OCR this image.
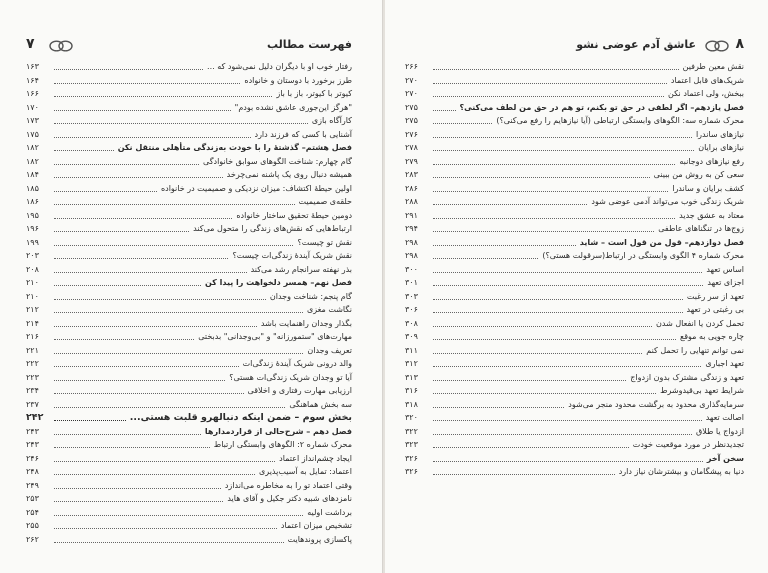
فهرست مطالب
۷
۱۶۳	رفتار خوب او با دیگران دلیل نمی‌شود که ...
۱۶۴	طرز برخورد با دوستان و خانواده
۱۶۶	کیوتر با کیوتر، باز با باز
۱۷۰	"هرگز این‌جوری عاشق نشده بودم"
۱۷۳	کارآگاه بازی
۱۷۵	آشنایی با کسی که فرزند دارد
۱۸۲	فصل هشتم– گذشتهٔ را با خودت به‌زندگی متأهلی منتقل نکن
۱۸۲	گام چهارم: شناخت الگوهای سوابق خانوادگی
۱۸۴	همیشه دنبال روی یک پاشنه نمی‌چرخد
۱۸۵	اولین حیطهٔ اکتشاف: میزان نزدیکی و صمیمیت در خانواده
۱۸۶	حلقه‌ی صمیمیت
۱۹۵	دومین حیطهٔ تحقیق ساختار خانواده
۱۹۶	ارتباط‌هایی که نقش‌های زندگی را متحول می‌کند
۱۹۹	نقش تو چیست؟
۲۰۳	نقش شریک آیندهٔ زندگی‌ات چیست؟
۲۰۸	بذر نهفته سرانجام رشد می‌کند
۲۱۰	فصل نهم– همسر دلخواهت را پیدا کن
۲۱۰	گام پنجم: شناخت وجدان
۲۱۲	نگاشت مغزی
۲۱۴	بگذار وجدان راهنمایت باشد
۲۱۶	مهارت‌های "ستمورزانه" و "بی‌وجدانی" بدبختی
۲۲۱	تعریف وجدان
۲۲۲	والد درونی شریک آیندهٔ زندگی‌ات
۲۲۳	آیا تو وجدان شریک زندگی‌ات هستی؟
۲۳۴	ارزیابی مهارت رفتاری و اخلاقی
۲۳۷	سه بخش هماهنگی
۲۴۲	بخش سوم – ضمن اینکه دنبالهرو قلبت هستی...
۲۴۳	فصل دهم – شرح‌حالی از قراردمدارها
۲۴۳	محرک شماره ۲: الگوهای وابستگی ارتباط
۲۴۶	ایجاد چشم‌انداز اعتماد
۲۴۸	اعتماد: تمایل به آسیب‌پذیری
۲۴۹	وقتی اعتماد تو را به مخاطره می‌اندازد
۲۵۳	نامزدهای شبیه دکتر جکیل و آقای هاید
۲۵۴	برداشت اولیه
۲۵۵	تشخیص میزان اعتماد
۲۶۲	پاکسازی پروندهایت
۸
عاشق آدم عوضی نشو
۲۶۶	نقش معین طرفین
۲۷۰	شریک‌های قابل اعتماد
۲۷۰	ببخش، ولی اعتماد نکن
۲۷۵	فصل یازدهم– اگر لطفی در حق تو بکنم، تو هم در حق من لطف می‌کنی؟
۲۷۵	محرک شماره سه: الگوهای وابستگی ارتباطی (آیا نیازهایم را رفع می‌کنی؟)
۲۷۶	نیازهای ساندرا
۲۷۸	نیازهای برایان
۲۷۹	رفع نیازهای دوجانبه
۲۸۳	سعی کن به روش من ببینی
۲۸۶	کشف برایان و ساندرا
۲۸۸	شریک زندگی خوب می‌تواند آدمی عوضی شود
۲۹۱	معتاد به عشق جدید
۲۹۴	زوج‌ها در تنگناهای عاطفی
۲۹۸	فصل دوازدهم– قول من قول است – شاید
۲۹۸	محرک شماره ۴ الگوی وابستگی در ارتباط(سرقولت هستی؟)
۳۰۰	اساس تعهد
۳۰۱	اجزای تعهد
۳۰۳	تعهد از سر رغبت
۳۰۶	بی رغبتی در تعهد
۳۰۸	تحمل کردن یا انفعال شدن
۳۰۹	چاره جویی به موقع
۳۱۱	نمی توانم تنهایی را تحمل کنم
۳۱۲	تعهد اجباری
۳۱۳	تعهد و زندگی مشترک بدون ازدواج
۳۱۶	شرایط تعهد بی‌قیدوشرط
۳۱۸	سرمایه‌گذاری محدود به برگشت محدود منجر می‌شود
۳۲۰	اصالت تعهد
۳۲۲	ازدواج یا طلاق
۳۲۳	تجدیدنظر در مورد موقعیت خودت
۳۲۶	سخن آخر
۳۲۶	دنیا به پیشگامان و بیشترشان نیاز دارد
